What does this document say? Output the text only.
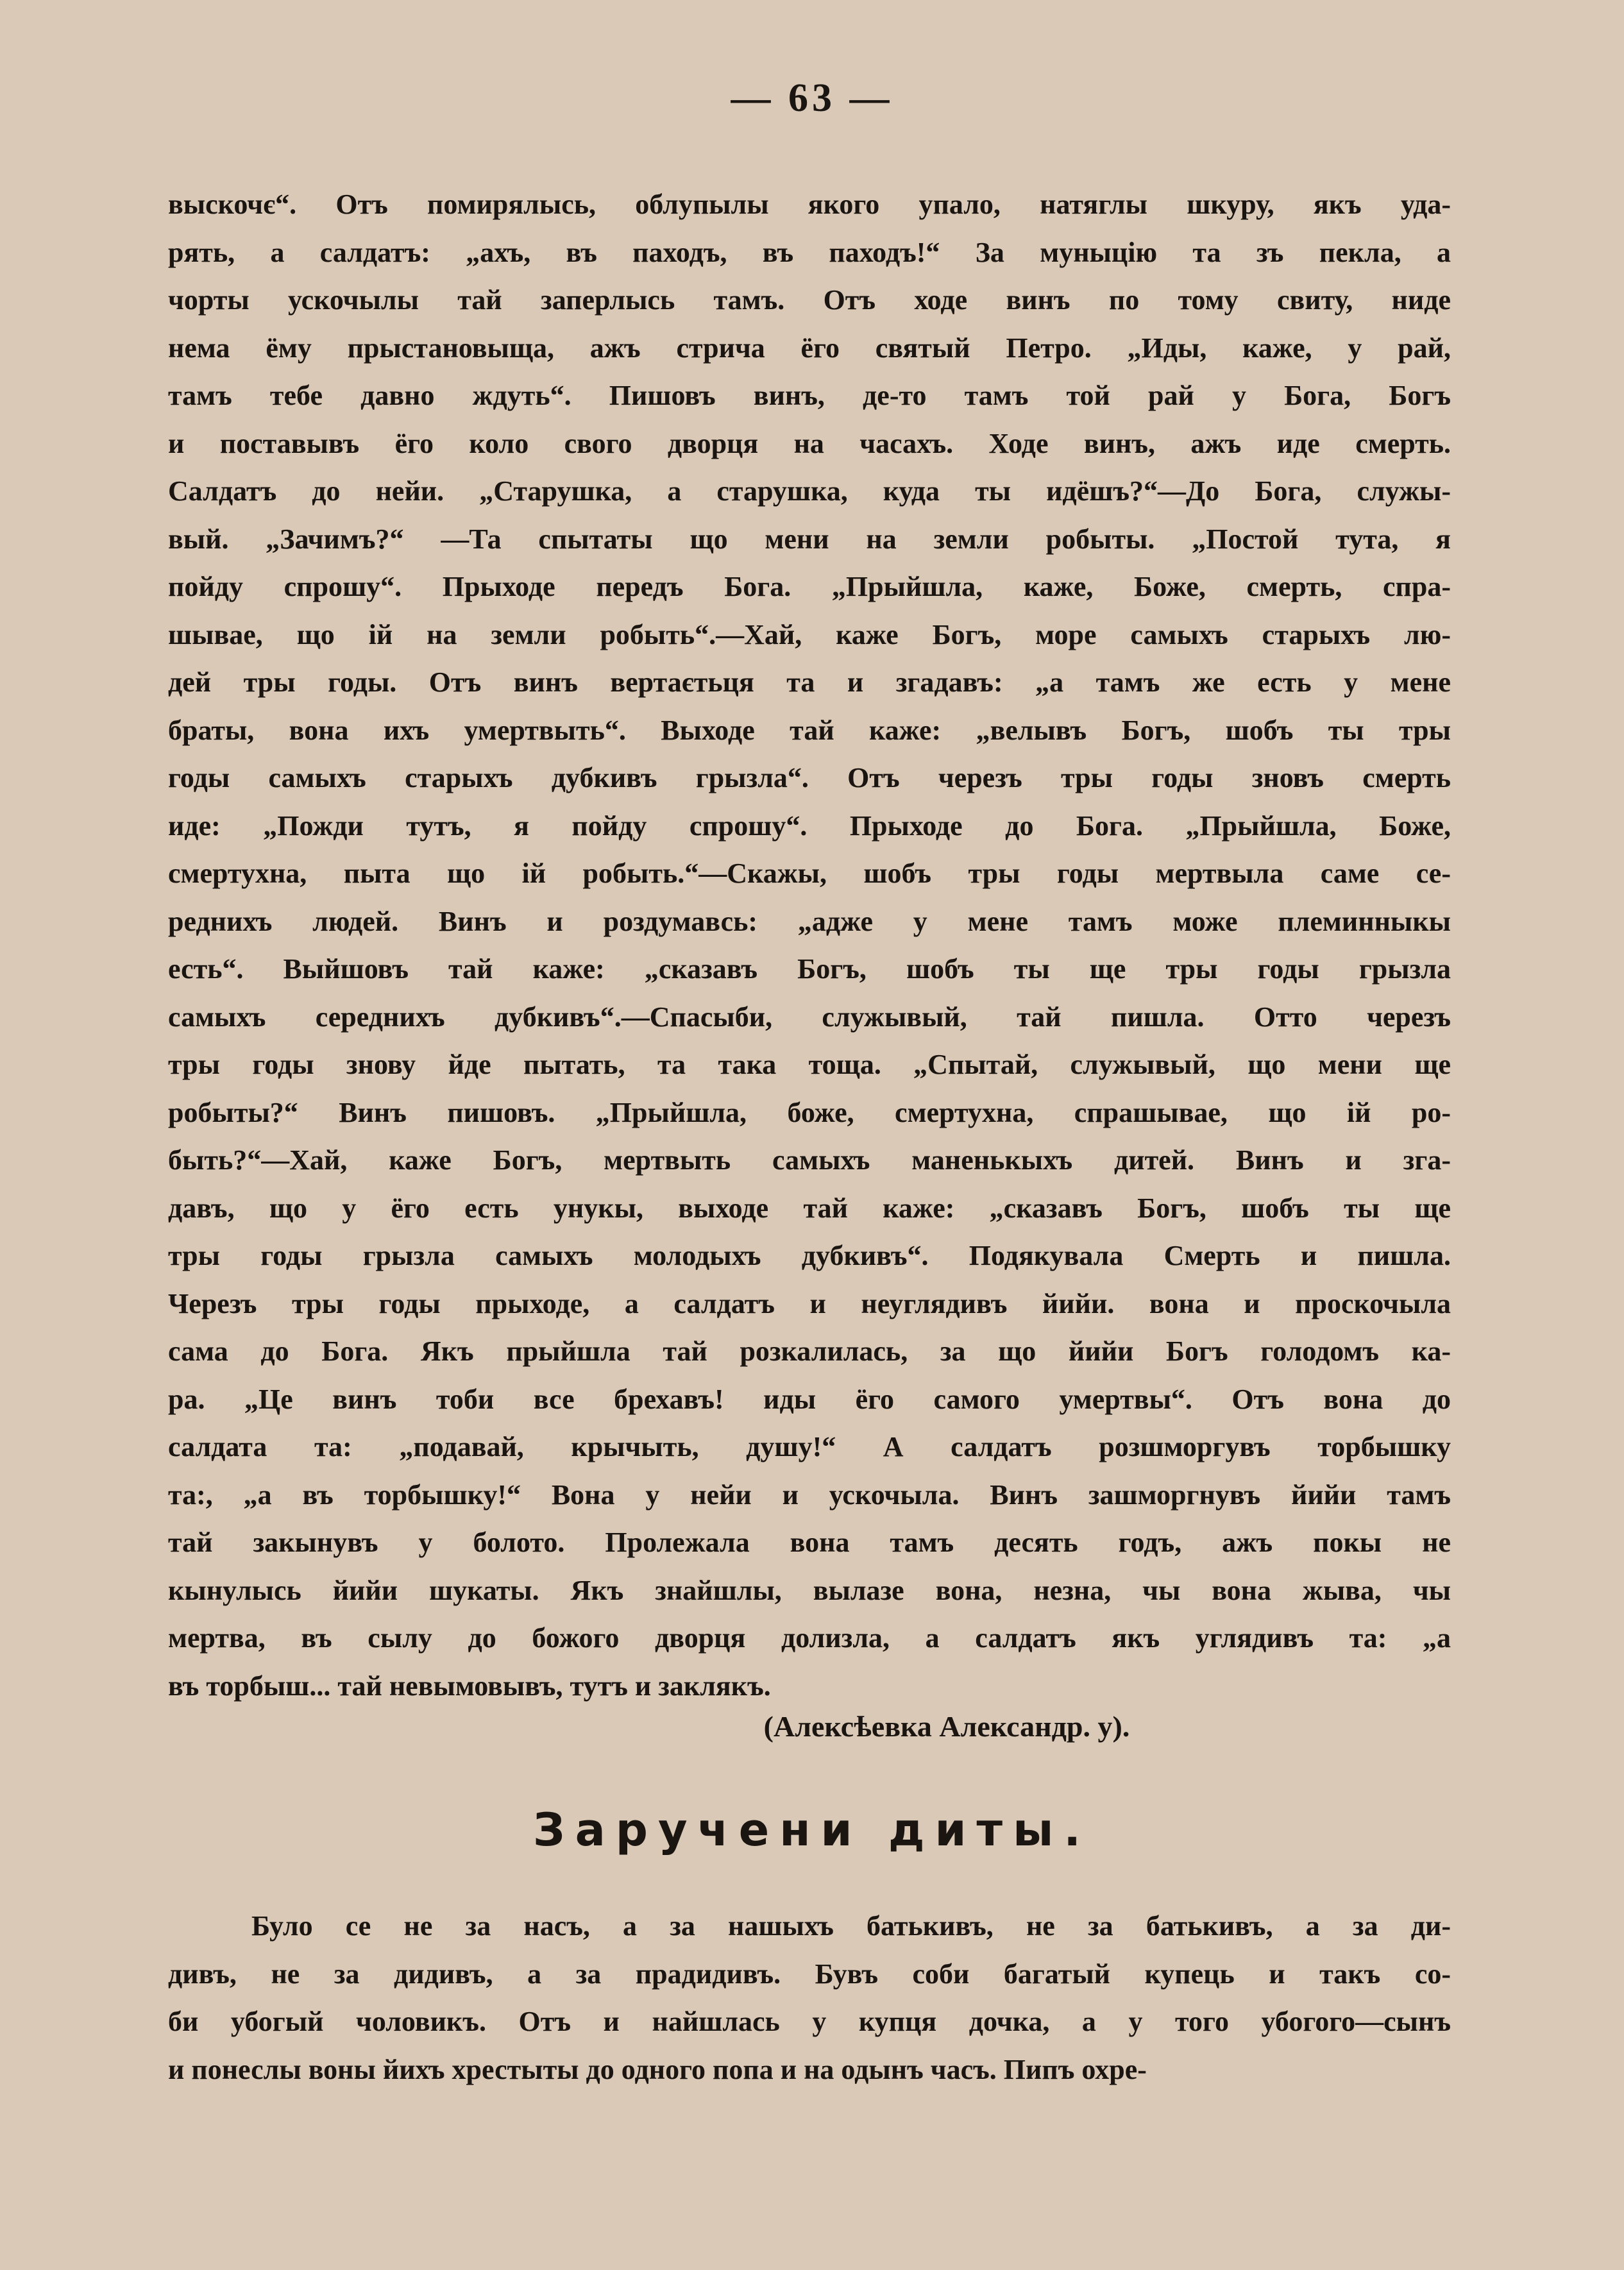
— 63 —
выскочє“. Отъ помирялысь, облупылы якого упало, натяглы шкуру, якъ уда-
рять, а салдатъ: „ахъ, въ паходъ, въ паходъ!“ За муныцію та зъ пекла, а
чорты ускочылы тай заперлысь тамъ. Отъ ходе винъ по тому свиту, ниде
нема ёму прыстановыща, ажъ стрича ёго святый Петро. „Иды, каже, у рай,
тамъ тебе давно ждуть“. Пишовъ винъ, де-то тамъ той рай у Бога, Богъ
и поставывъ ёго коло свого дворця на часахъ. Ходе винъ, ажъ иде смерть.
Салдатъ до нейи. „Старушка, а старушка, куда ты идёшъ?“—До Бога, служы-
вый. „Зачимъ?“ —Та спытаты що мени на земли робыты. „Постой тута, я
пойду спрошу“. Прыходе передъ Бога. „Прыйшла, каже, Боже, смерть, спра-
шывае, що ій на земли робыть“.—Хай, каже Богъ, море самыхъ старыхъ лю-
дей тры годы. Отъ винъ вертаєтьця та и згадавъ: „а тамъ же есть у мене
браты, вона ихъ умертвыть“. Выходе тай каже: „велывъ Богъ, шобъ ты тры
годы самыхъ старыхъ дубкивъ грызла“. Отъ черезъ тры годы зновъ смерть
иде: „Пожди тутъ, я пойду спрошу“. Прыходе до Бога. „Прыйшла, Боже,
смертухна, пыта що ій робыть.“—Скажы, шобъ тры годы мертвыла саме се-
реднихъ людей. Винъ и роздумавсь: „адже у мене тамъ може племинныкы
есть“. Выйшовъ тай каже: „сказавъ Богъ, шобъ ты ще тры годы грызла
самыхъ середнихъ дубкивъ“.—Спасыби, служывый, тай пишла. Отто черезъ
тры годы знову йде пытать, та така тоща. „Спытай, служывый, що мени ще
робыты?“ Винъ пишовъ. „Прыйшла, боже, смертухна, спрашывае, що ій ро-
быть?“—Хай, каже Богъ, мертвыть самыхъ маненькыхъ дитей. Винъ и зга-
давъ, що у ёго есть унукы, выходе тай каже: „сказавъ Богъ, шобъ ты ще
тры годы грызла самыхъ молодыхъ дубкивъ“. Подякувала Смерть и пишла.
Черезъ тры годы прыходе, а салдатъ и неуглядивъ йийи. вона и проскочыла
сама до Бога. Якъ прыйшла тай розкалилась, за що йийи Богъ голодомъ ка-
ра. „Це винъ тоби все брехавъ! иды ёго самого умертвы“. Отъ вона до
салдата та: „подавай, крычыть, душу!“ А салдатъ розшморгувъ торбышку
та:, „а въ торбышку!“ Вона у нейи и ускочыла. Винъ зашморгнувъ йийи тамъ
тай закынувъ у болото. Пролежала вона тамъ десять годъ, ажъ покы не
кынулысь йийи шукаты. Якъ знайшлы, вылазе вона, незна, чы вона жыва, чы
мертва, въ сылу до божого дворця долизла, а салдатъ якъ углядивъ та: „а
въ торбыш... тай невымовывъ, тутъ и заклякъ.
(Алексѣевка Александр. у).
Заручени диты.
Було се не за насъ, а за нашыхъ батькивъ, не за батькивъ, а за ди-
дивъ, не за дидивъ, а за прадидивъ. Бувъ соби багатый купець и такъ со-
би убогый чоловикъ. Отъ и найшлась у купця дочка, а у того убогого—сынъ
и понеслы воны йихъ хрестыты до одного попа и на одынъ часъ. Пипъ охре-
